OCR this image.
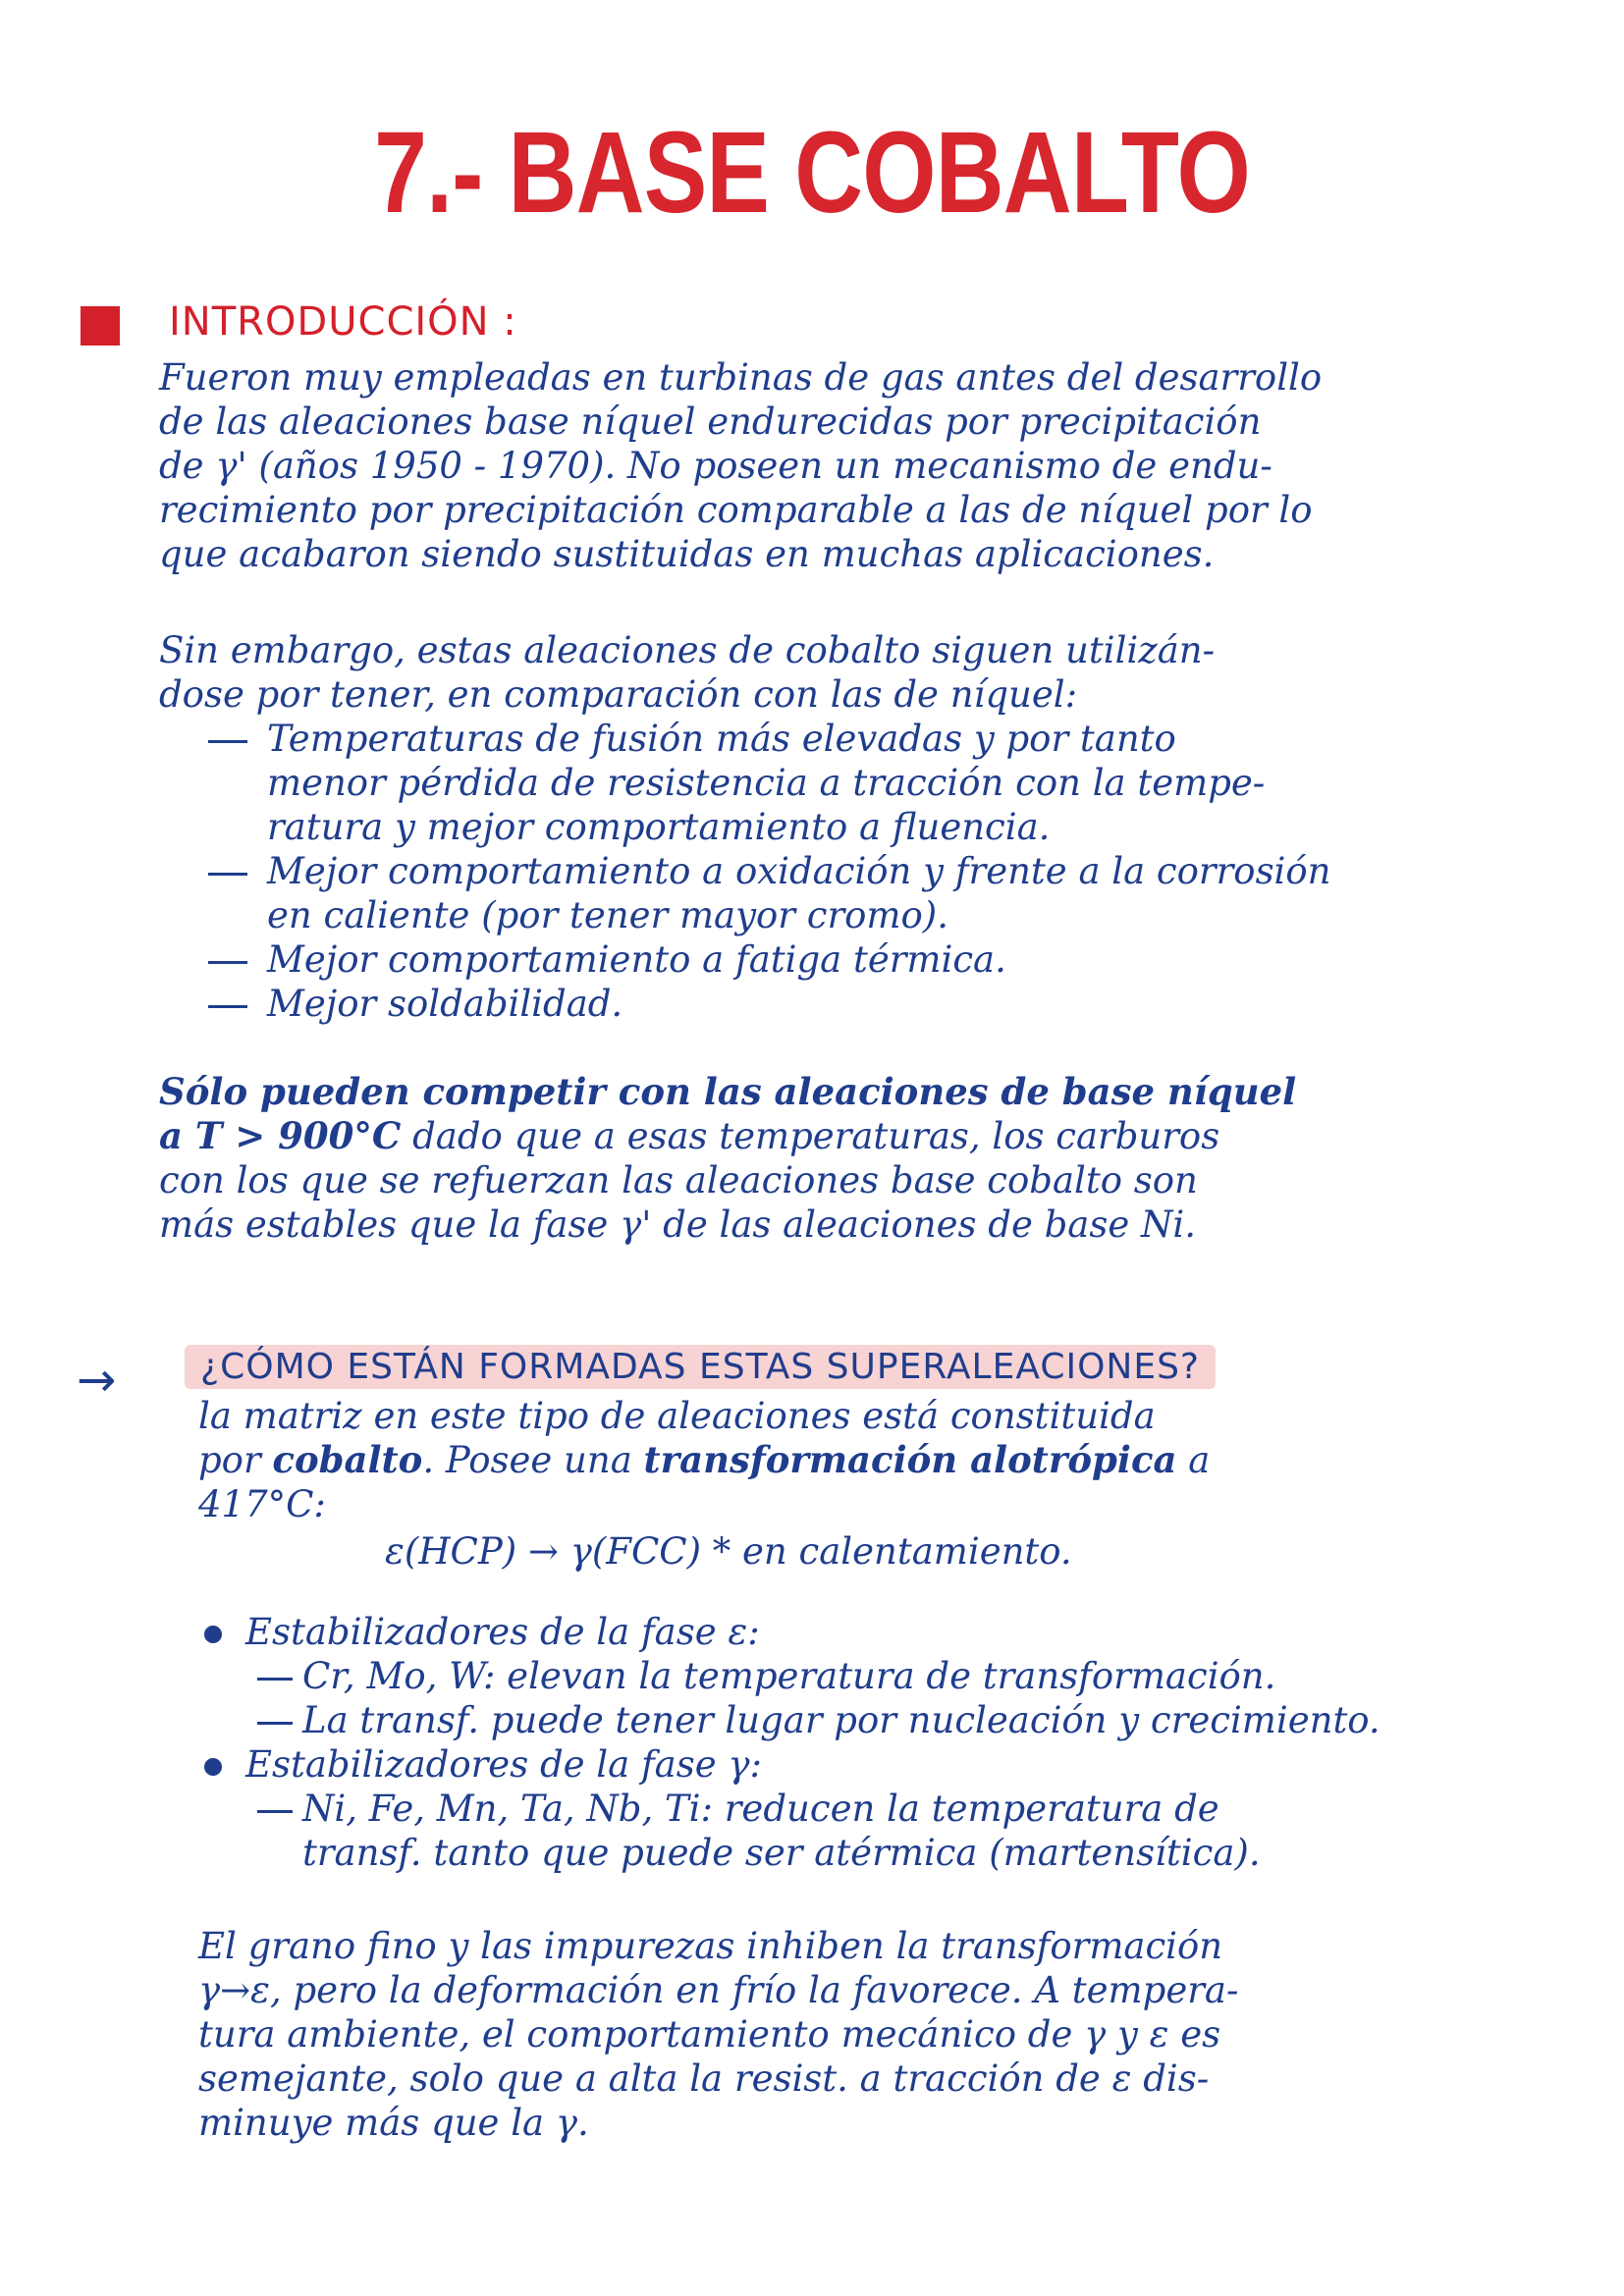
7.- BASE COBALTO
INTRODUCCIÓN :
Fueron muy empleadas en turbinas de gas antes del desarrollo
de las aleaciones base níquel endurecidas por precipitación
de γ' (años 1950 - 1970). No poseen un mecanismo de endu-
recimiento por precipitación comparable a las de níquel por lo
que acabaron siendo sustituidas en muchas aplicaciones.
Sin embargo, estas aleaciones de cobalto siguen utilizán-
dose por tener, en comparación con las de níquel:
Temperaturas de fusión más elevadas y por tanto
menor pérdida de resistencia a tracción con la tempe-
ratura y mejor comportamiento a fluencia.
Mejor comportamiento a oxidación y frente a la corrosión
en caliente (por tener mayor cromo).
Mejor comportamiento a fatiga térmica.
Mejor soldabilidad.
Sólo pueden competir con las aleaciones de base níquel
a T > 900°C dado que a esas temperaturas, los carburos
con los que se refuerzan las aleaciones base cobalto son
más estables que la fase γ' de las aleaciones de base Ni.
→	¿CÓMO ESTÁN FORMADAS ESTAS SUPERALEACIONES?
la matriz en este tipo de aleaciones está constituida
por cobalto. Posee una transformación alotrópica a
417°C:
ε(HCP) → γ(FCC) * en calentamiento.
Estabilizadores de la fase ε:
Cr, Mo, W: elevan la temperatura de transformación.
La transf. puede tener lugar por nucleación y crecimiento.
Estabilizadores de la fase γ:
Ni, Fe, Mn, Ta, Nb, Ti: reducen la temperatura de
transf. tanto que puede ser atérmica (martensítica).
El grano fino y las impurezas inhiben la transformación
γ→ε, pero la deformación en frío la favorece. A tempera-
tura ambiente, el comportamiento mecánico de γ y ε es
semejante, solo que a alta la resist. a tracción de ε dis-
minuye más que la γ.
